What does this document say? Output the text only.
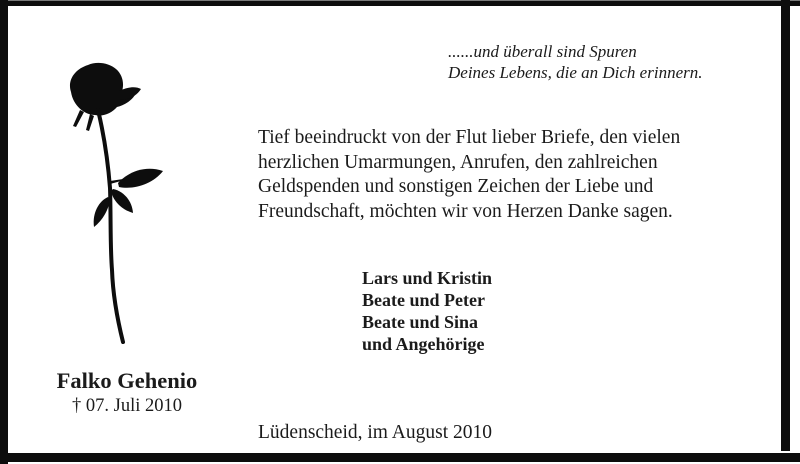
......und überall sind Spuren
Deines Lebens, die an Dich erinnern.
Tief beeindruckt von der Flut lieber Briefe, den vielen
herzlichen Umarmungen, Anrufen, den zahlreichen
Geldspenden und sonstigen Zeichen der Liebe und
Freundschaft, möchten wir von Herzen Danke sagen.
Lars und Kristin
Beate und Peter
Beate und Sina
und Angehörige
Falko Gehenio
† 07. Juli 2010
Lüdenscheid, im August 2010
